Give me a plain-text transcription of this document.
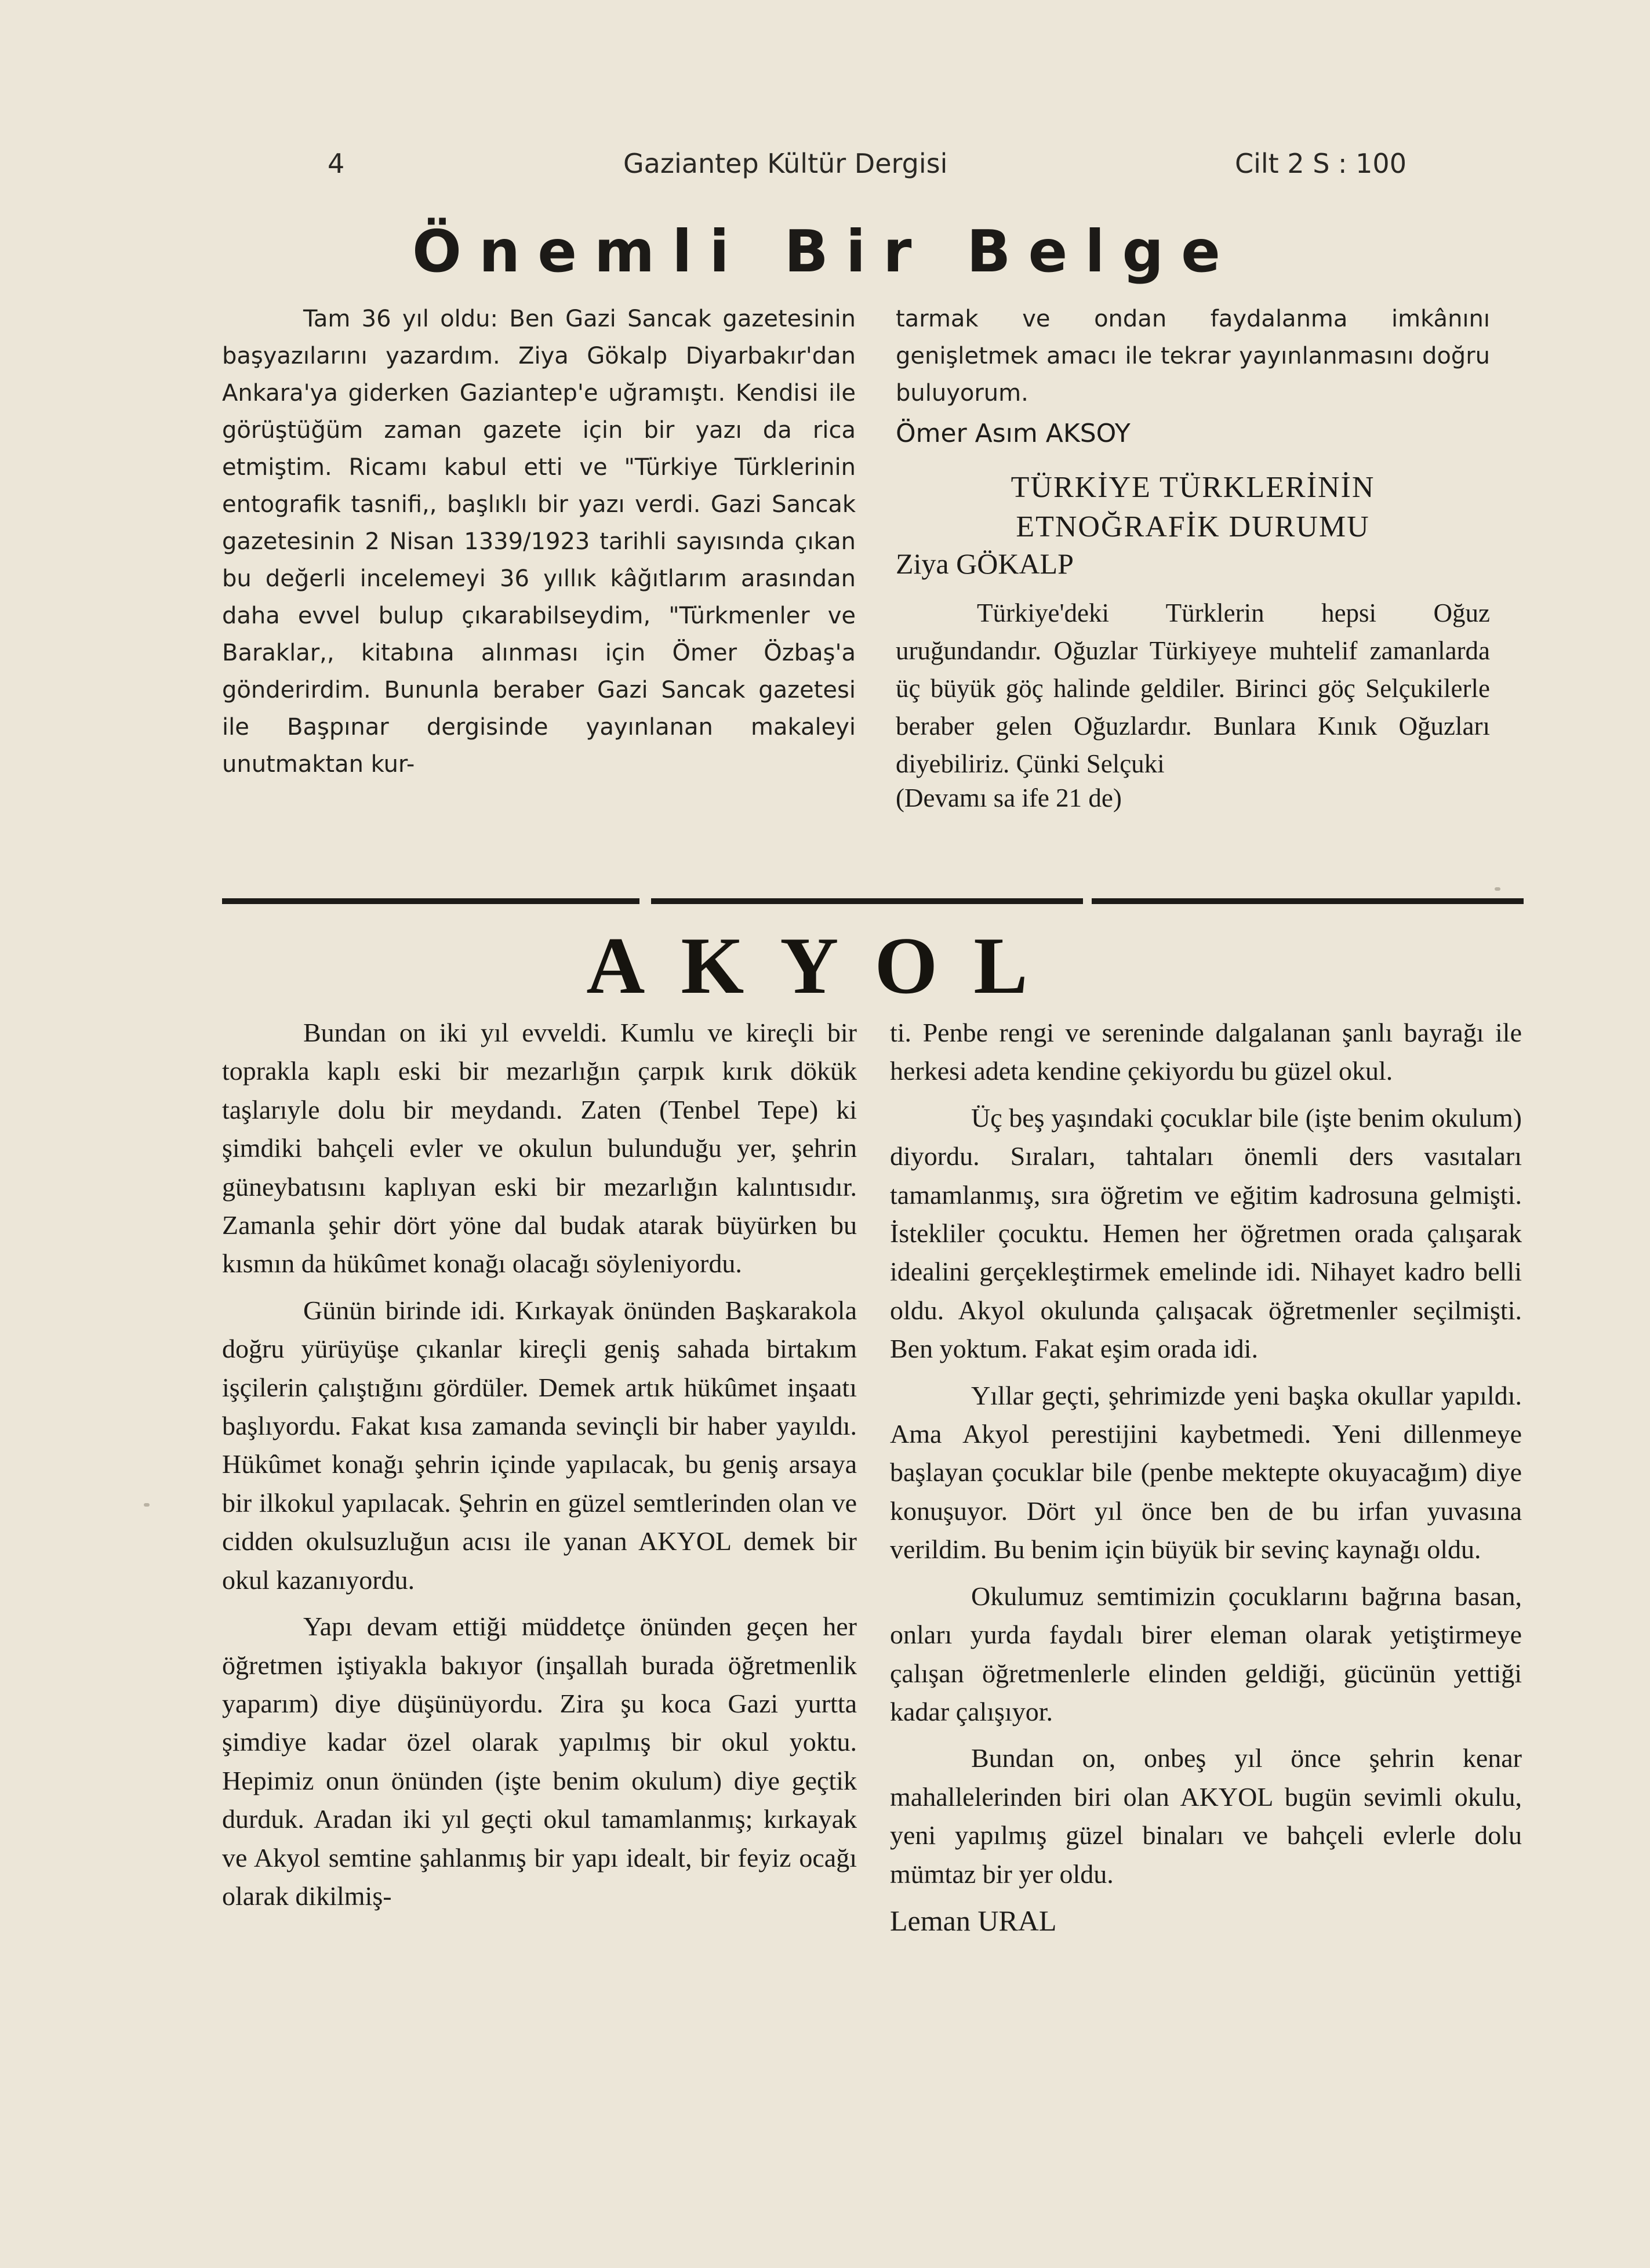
4	Gaziantep Kültür Dergisi	Cilt 2 S : 100
Önemli Bir Belge

Tam 36 yıl oldu: Ben Gazi Sancak gazetesinin başyazılarını yazardım. Ziya Gökalp Diyarbakır'dan Ankara'ya giderken Gaziantep'e uğramıştı. Kendisi ile görüştüğüm zaman gazete için bir yazı da rica etmiştim. Ricamı kabul etti ve "Türkiye Türklerinin entografik tasnifi,, başlıklı bir yazı verdi. Gazi Sancak gazetesinin 2 Nisan 1339/1923 tarihli sayısında çıkan bu değerli incelemeyi 36 yıllık kâğıtlarım arasından daha evvel bulup çıkarabilseydim, "Türkmenler ve Baraklar,, kitabına alınması için Ömer Özbaş'a gönderirdim. Bununla beraber Gazi Sancak gazetesi ile Başpınar dergisinde yayınlanan makaleyi unutmaktan kur-

tarmak ve ondan faydalanma imkânını genişletmek amacı ile tekrar yayınlanmasını doğru buluyorum.

Ömer Asım AKSOY

TÜRKİYE TÜRKLERİNİN
ETNOĞRAFİK DURUMU

Ziya GÖKALP

Türkiye'deki Türklerin hepsi Oğuz uruğundandır. Oğuzlar Türkiyeye muhtelif zamanlarda üç büyük göç halinde geldiler. Birinci göç Selçukilerle beraber gelen Oğuzlardır. Bunlara Kınık Oğuzları diyebiliriz. Çünki Selçuki

(Devamı sa ife 21 de)

AKYOL

Bundan on iki yıl evveldi. Kumlu ve kireçli bir toprakla kaplı eski bir mezarlığın çarpık kırık dökük taşlarıyle dolu bir meydandı. Zaten (Tenbel Tepe) ki şimdiki bahçeli evler ve okulun bulunduğu yer, şehrin güneybatısını kaplıyan eski bir mezarlığın kalıntısıdır. Zamanla şehir dört yöne dal budak atarak büyürken bu kısmın da hükûmet konağı olacağı söyleniyordu.

Günün birinde idi. Kırkayak önünden Başkarakola doğru yürüyüşe çıkanlar kireçli geniş sahada birtakım işçilerin çalıştığını gördüler. Demek artık hükûmet inşaatı başlıyordu. Fakat kısa zamanda sevinçli bir haber yayıldı. Hükûmet konağı şehrin içinde yapılacak, bu geniş arsaya bir ilkokul yapılacak. Şehrin en güzel semtlerinden olan ve cidden okulsuzluğun acısı ile yanan AKYOL demek bir okul kazanıyordu.

Yapı devam ettiği müddetçe önünden geçen her öğretmen iştiyakla bakıyor (inşallah burada öğretmenlik yaparım) diye düşünüyordu. Zira şu koca Gazi yurtta şimdiye kadar özel olarak yapılmış bir okul yoktu. Hepimiz onun önünden (işte benim okulum) diye geçtik durduk. Aradan iki yıl geçti okul tamamlanmış; kırkayak ve Akyol semtine şahlanmış bir yapı idealt, bir feyiz ocağı olarak dikilmiş-

ti. Penbe rengi ve sereninde dalgalanan şanlı bayrağı ile herkesi adeta kendine çekiyordu bu güzel okul.

Üç beş yaşındaki çocuklar bile (işte benim okulum) diyordu. Sıraları, tahtaları önemli ders vasıtaları tamamlanmış, sıra öğretim ve eğitim kadrosuna gelmişti. İstekliler çocuktu. Hemen her öğretmen orada çalışarak idealini gerçekleştirmek emelinde idi. Nihayet kadro belli oldu. Akyol okulunda çalışacak öğretmenler seçilmişti. Ben yoktum. Fakat eşim orada idi.

Yıllar geçti, şehrimizde yeni başka okullar yapıldı. Ama Akyol perestijini kaybetmedi. Yeni dillenmeye başlayan çocuklar bile (penbe mektepte okuyacağım) diye konuşuyor. Dört yıl önce ben de bu irfan yuvasına verildim. Bu benim için büyük bir sevinç kaynağı oldu.

Okulumuz semtimizin çocuklarını bağrına basan, onları yurda faydalı birer eleman olarak yetiştirmeye çalışan öğretmenlerle elinden geldiği, gücünün yettiği kadar çalışıyor.

Bundan on, onbeş yıl önce şehrin kenar mahallelerinden biri olan AKYOL bugün sevimli okulu, yeni yapılmış güzel binaları ve bahçeli evlerle dolu mümtaz bir yer oldu.

Leman URAL
